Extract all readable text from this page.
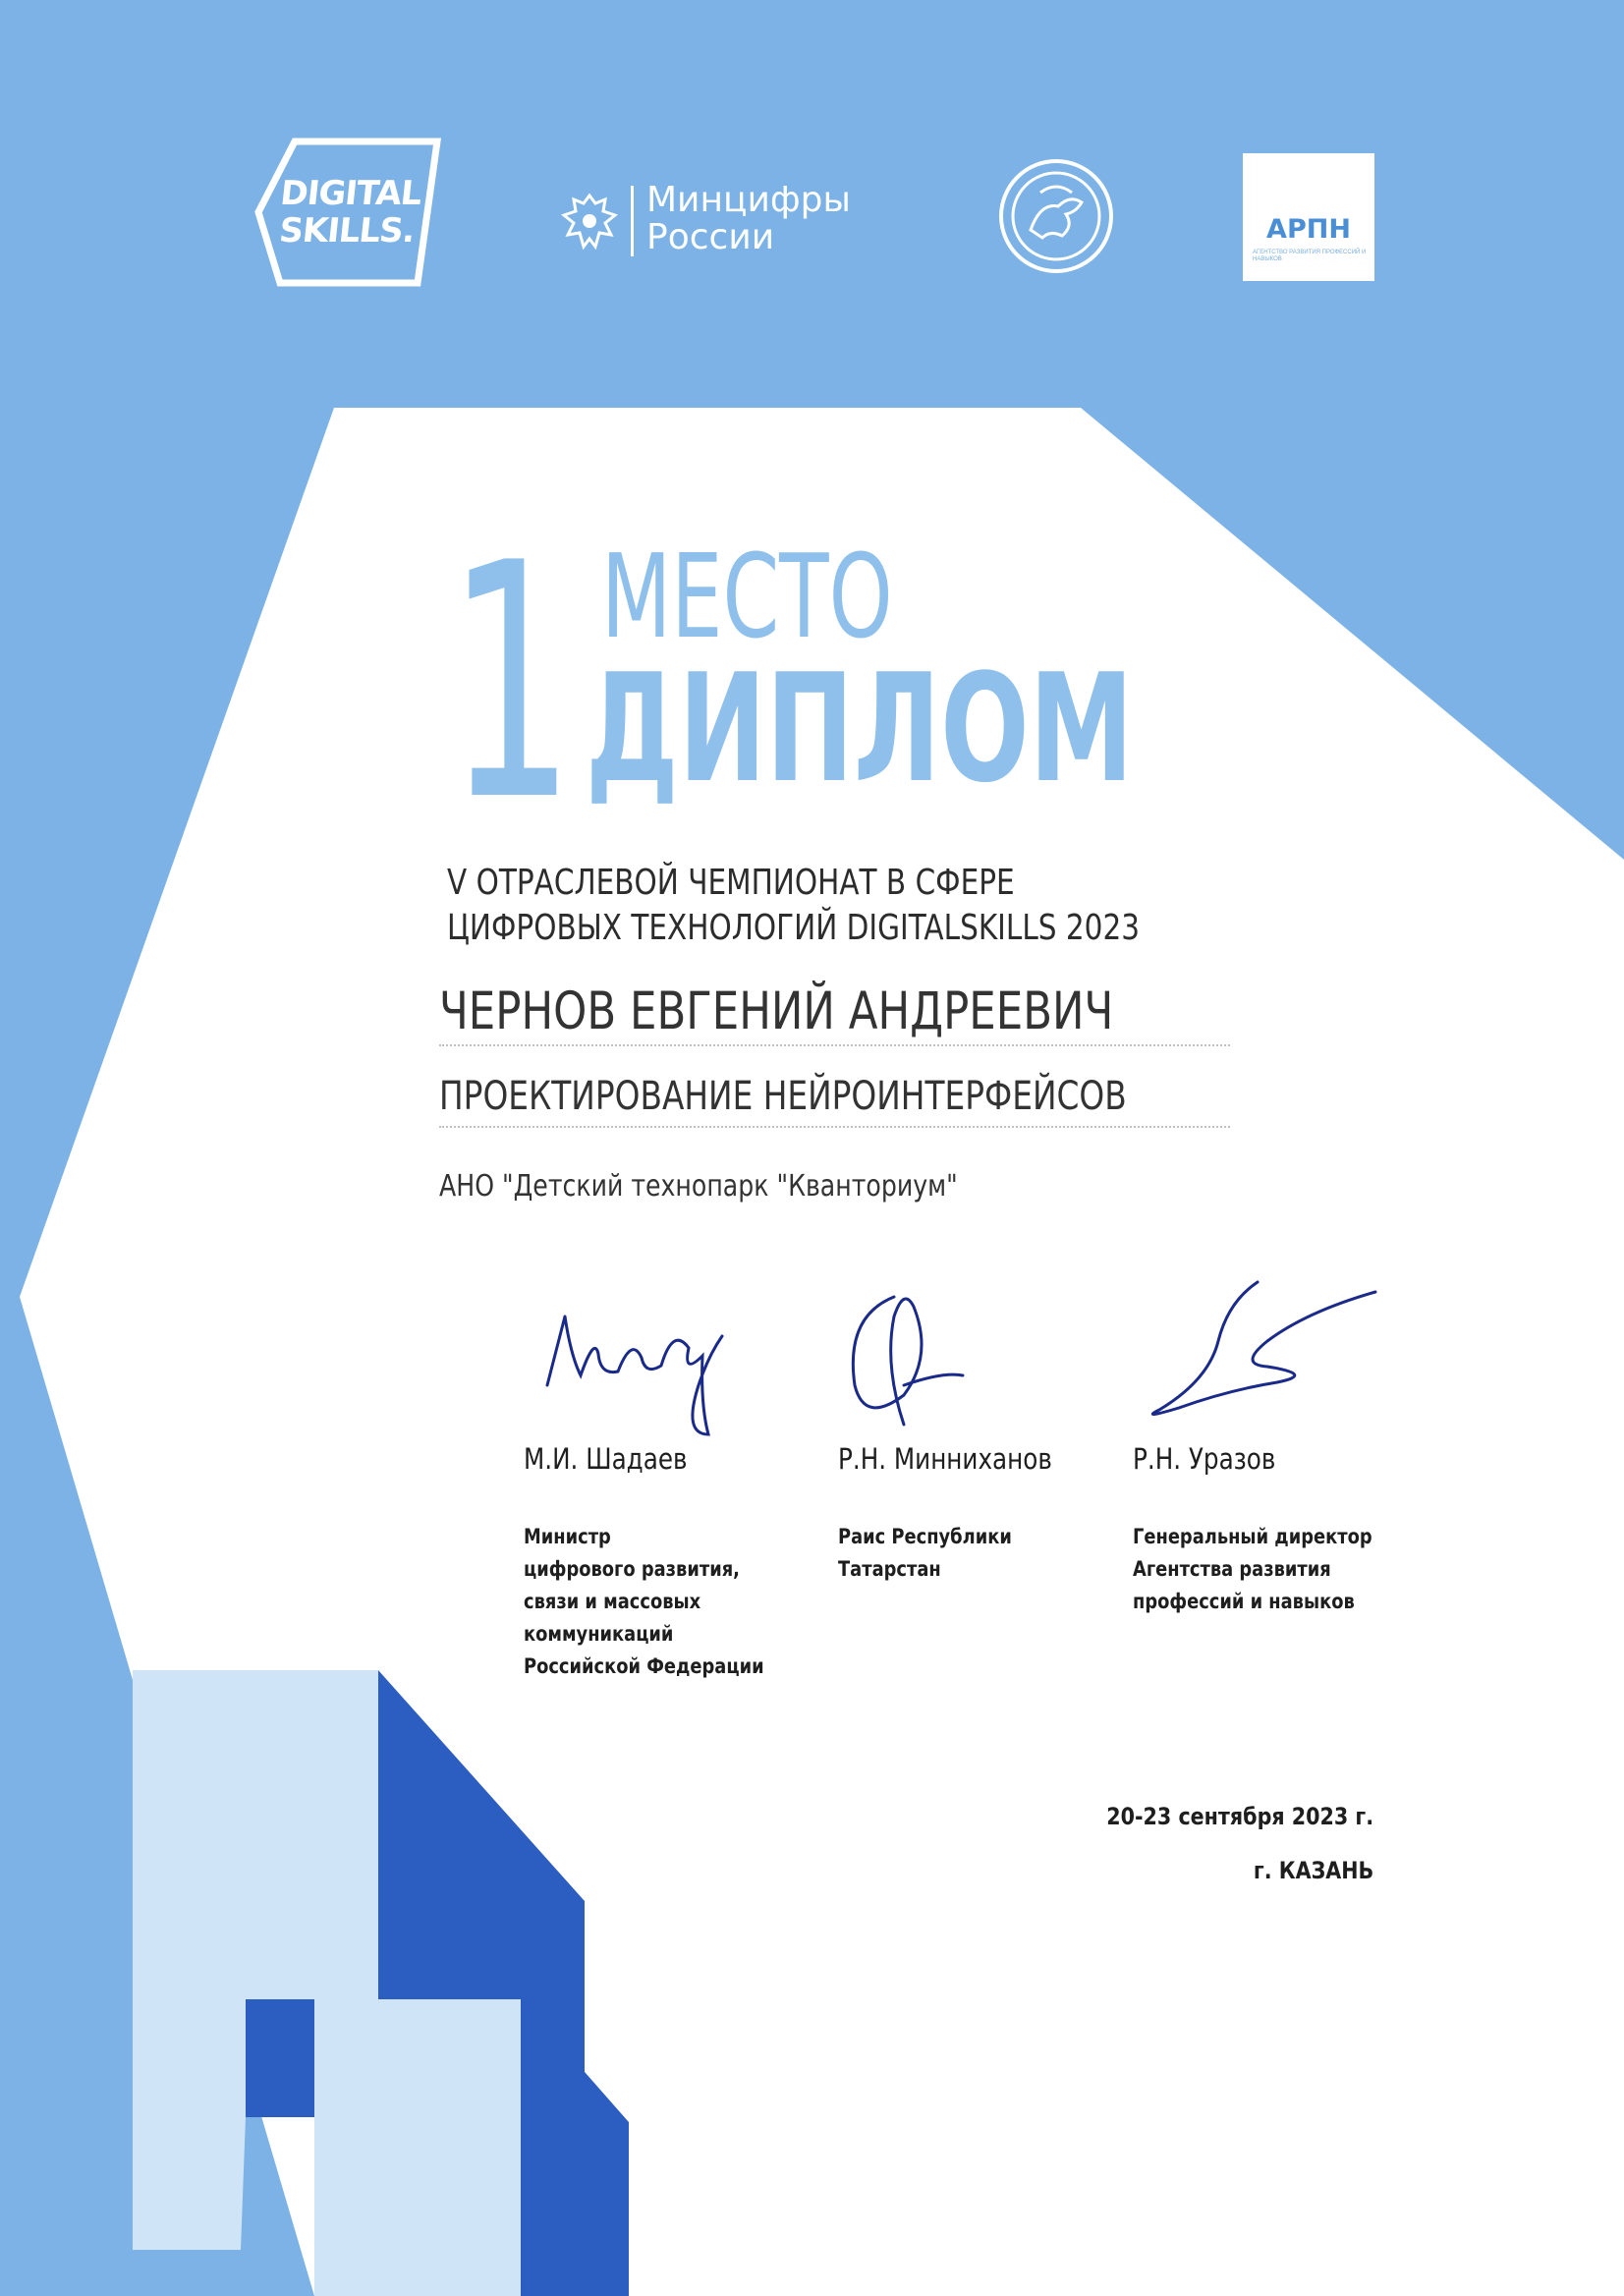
DIGITAL
SKILLS.
Минцифры
России	АРПН
АГЕНТСТВО РАЗВИТИЯ ПРОФЕССИЙ И НАВЫКОВ
1 МЕСТО
ДИПЛОМ
V ОТРАСЛЕВОЙ ЧЕМПИОНАТ В СФЕРЕ
ЦИФРОВЫХ ТЕХНОЛОГИЙ DIGITALSKILLS 2023
ЧЕРНОВ ЕВГЕНИЙ АНДРЕЕВИЧ
ПРОЕКТИРОВАНИЕ НЕЙРОИНТЕРФЕЙСОВ
АНО "Детский технопарк "Кванториум"
М.И. Шадаев
Министр
цифрового развития,
связи и массовых
коммуникаций
Российской Федерации
Р.Н. Минниханов
Раис Республики
Татарстан
Р.Н. Уразов
Генеральный директор
Агентства развития
профессий и навыков
20-23 сентября 2023 г.
г. КАЗАНЬ
